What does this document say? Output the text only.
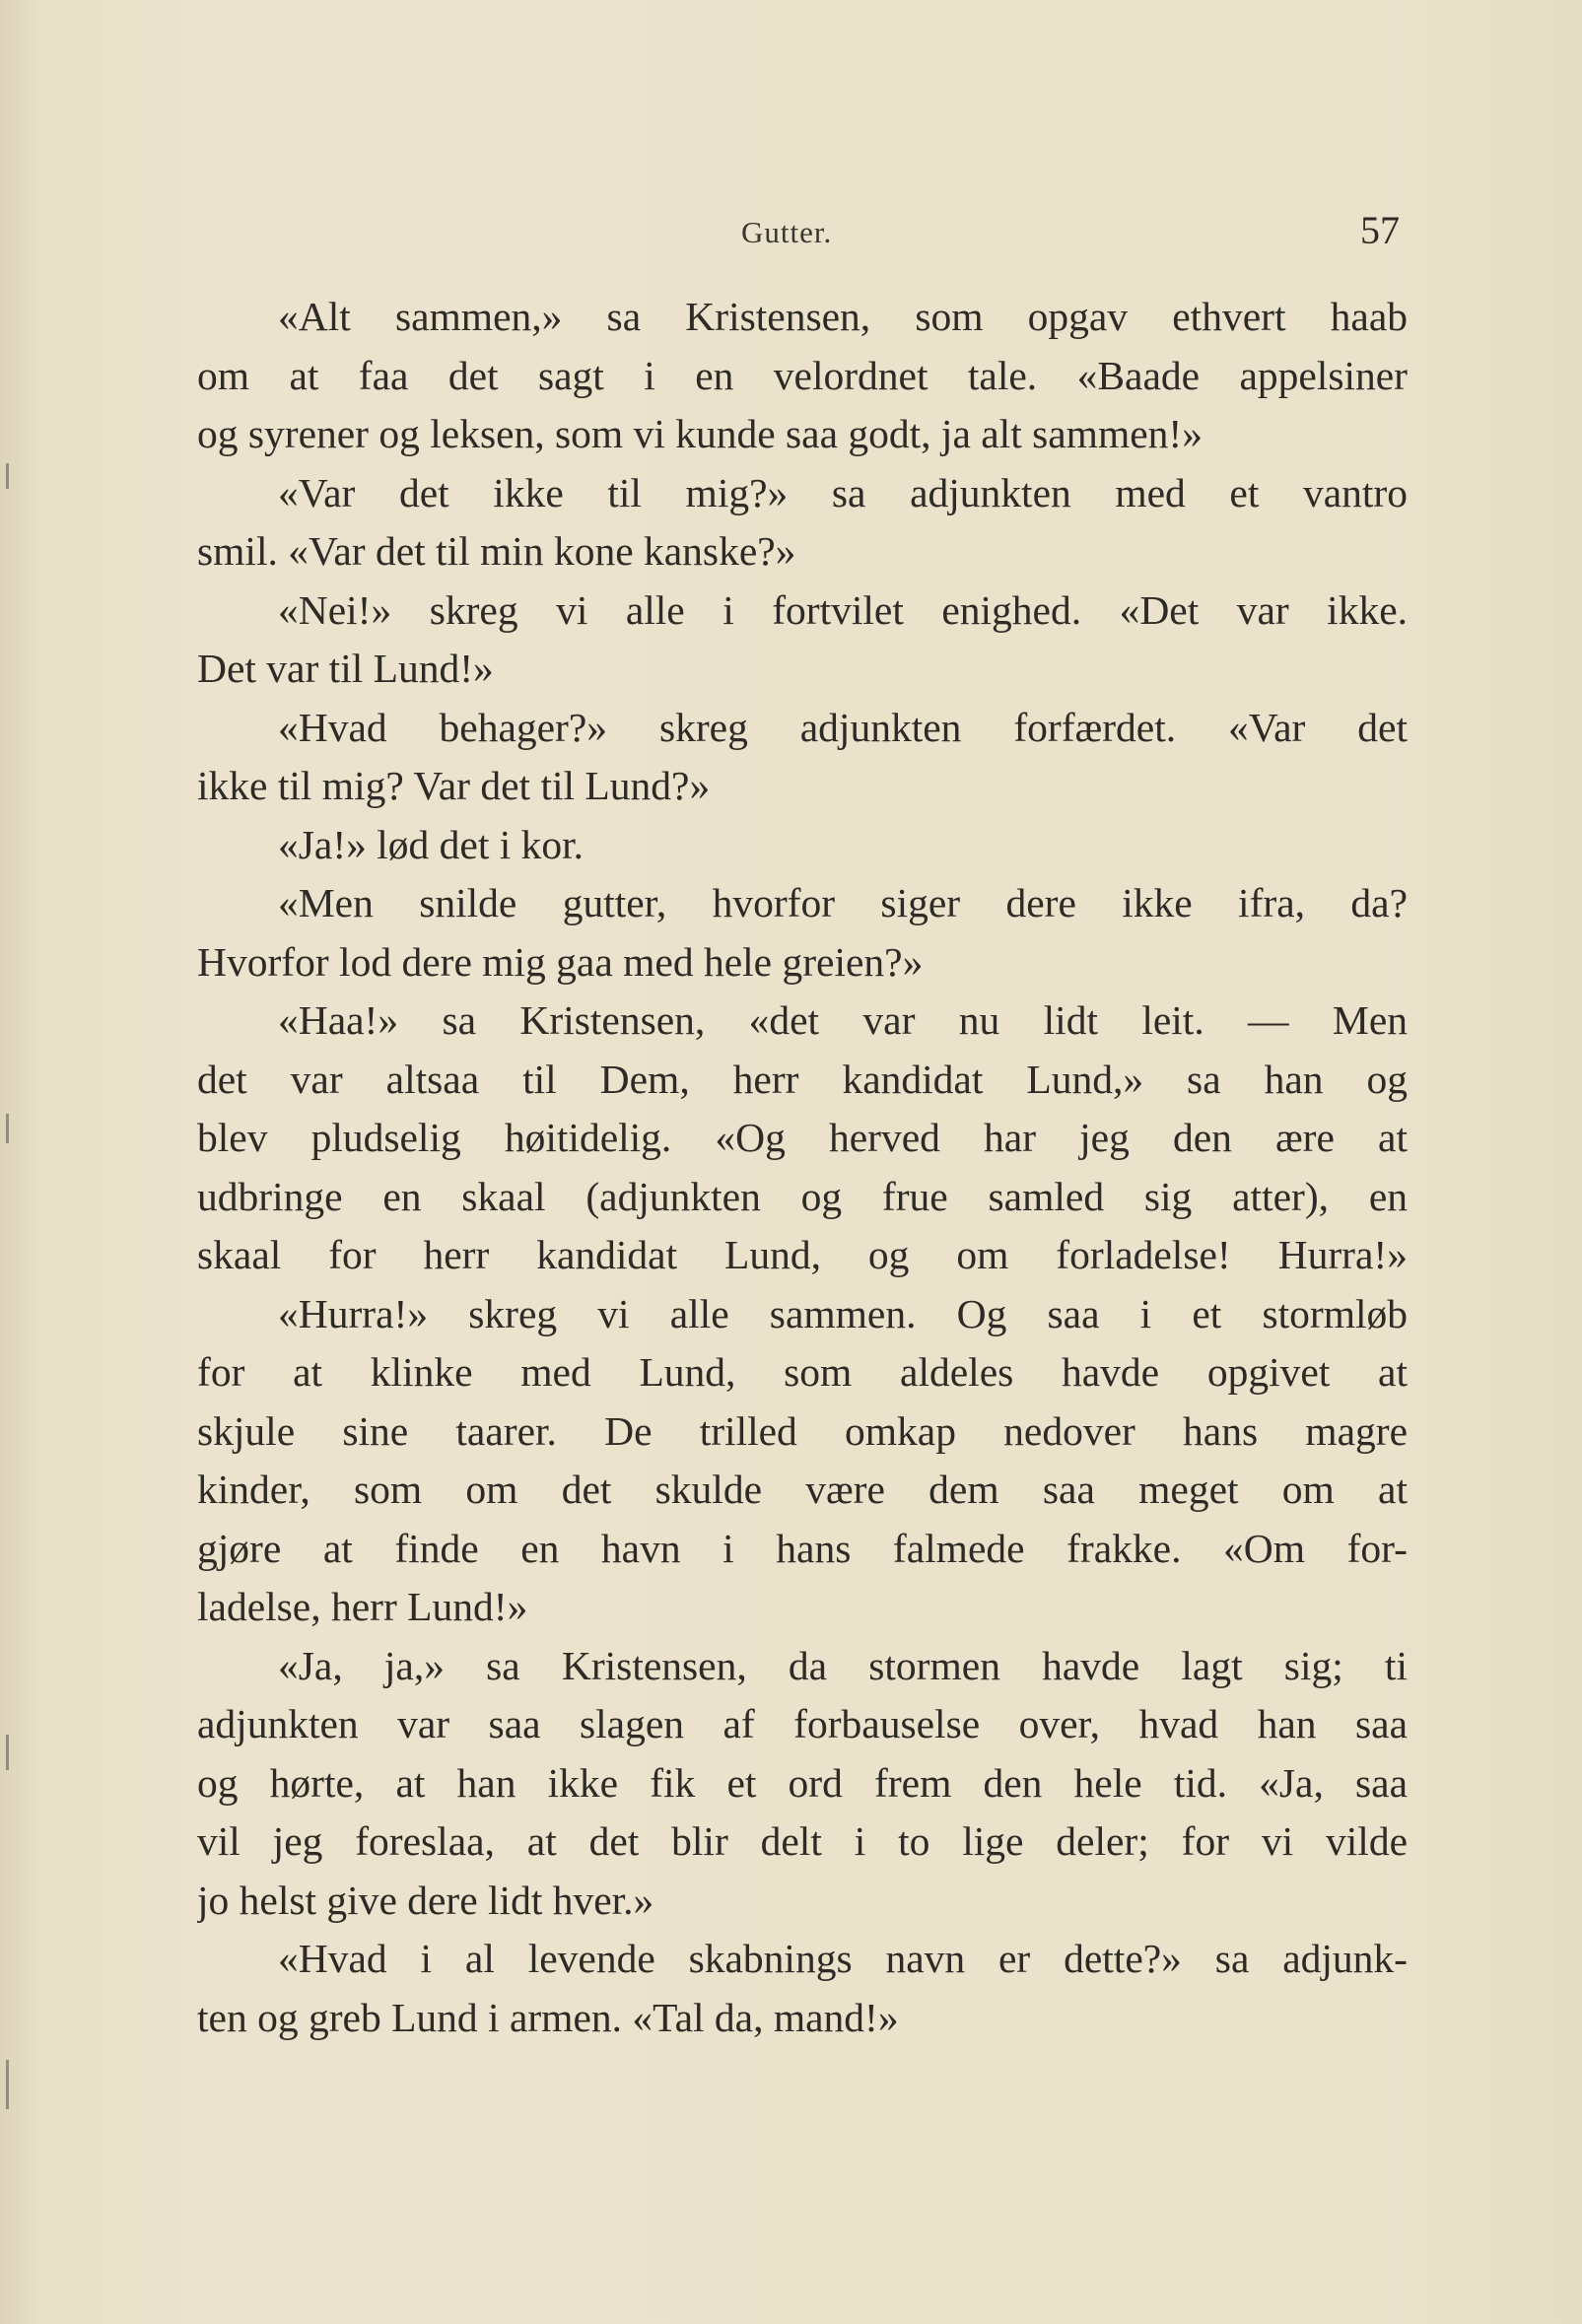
Gutter.	57
«Alt sammen,» sa Kristensen, som opgav ethvert haab
om at faa det sagt i en velordnet tale. «Baade appelsiner
og syrener og leksen, som vi kunde saa godt, ja alt sammen!»
«Var det ikke til mig?» sa adjunkten med et vantro
smil. «Var det til min kone kanske?»
«Nei!» skreg vi alle i fortvilet enighed. «Det var ikke.
Det var til Lund!»
«Hvad behager?» skreg adjunkten forfærdet. «Var det
ikke til mig? Var det til Lund?»
«Ja!» lød det i kor.
«Men snilde gutter, hvorfor siger dere ikke ifra, da?
Hvorfor lod dere mig gaa med hele greien?»
«Haa!» sa Kristensen, «det var nu lidt leit. — Men
det var altsaa til Dem, herr kandidat Lund,» sa han og
blev pludselig høitidelig. «Og herved har jeg den ære at
udbringe en skaal (adjunkten og frue samled sig atter), en
skaal for herr kandidat Lund, og om forladelse! Hurra!»
«Hurra!» skreg vi alle sammen. Og saa i et stormløb
for at klinke med Lund, som aldeles havde opgivet at
skjule sine taarer. De trilled omkap nedover hans magre
kinder, som om det skulde være dem saa meget om at
gjøre at finde en havn i hans falmede frakke. «Om for-
ladelse, herr Lund!»
«Ja, ja,» sa Kristensen, da stormen havde lagt sig; ti
adjunkten var saa slagen af forbauselse over, hvad han saa
og hørte, at han ikke fik et ord frem den hele tid. «Ja, saa
vil jeg foreslaa, at det blir delt i to lige deler; for vi vilde
jo helst give dere lidt hver.»
«Hvad i al levende skabnings navn er dette?» sa adjunk-
ten og greb Lund i armen. «Tal da, mand!»
